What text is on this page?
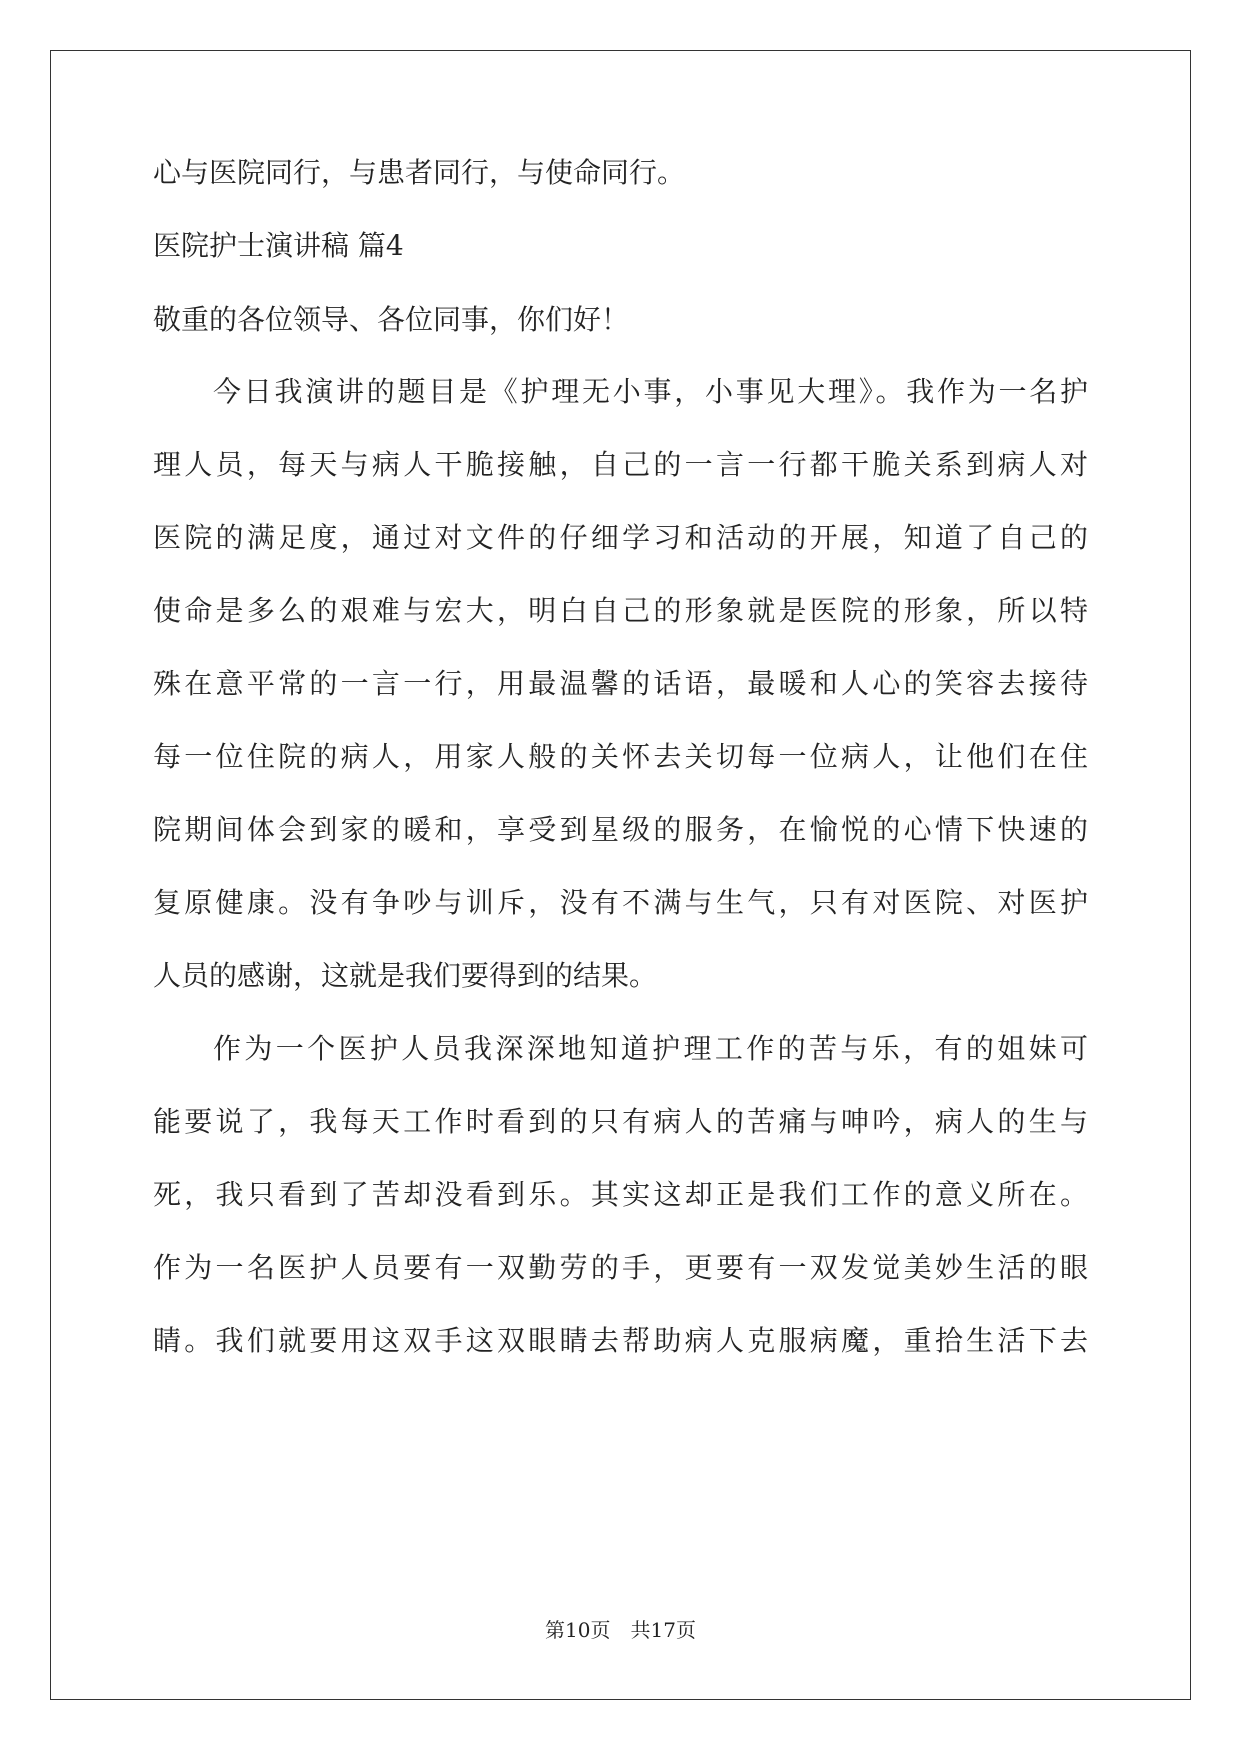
心与医院同行，与患者同行，与使命同行。
医院护士演讲稿 篇4
敬重的各位领导、各位同事，你们好！
今日我演讲的题目是《护理无小事，小事见大理》。我作为一名护
理人员，每天与病人干脆接触，自己的一言一行都干脆关系到病人对
医院的满足度，通过对文件的仔细学习和活动的开展，知道了自己的
使命是多么的艰难与宏大，明白自己的形象就是医院的形象，所以特
殊在意平常的一言一行，用最温馨的话语，最暖和人心的笑容去接待
每一位住院的病人，用家人般的关怀去关切每一位病人，让他们在住
院期间体会到家的暖和，享受到星级的服务，在愉悦的心情下快速的
复原健康。没有争吵与训斥，没有不满与生气，只有对医院、对医护
人员的感谢，这就是我们要得到的结果。
作为一个医护人员我深深地知道护理工作的苦与乐，有的姐妹可
能要说了，我每天工作时看到的只有病人的苦痛与呻吟，病人的生与
死，我只看到了苦却没看到乐。其实这却正是我们工作的意义所在。
作为一名医护人员要有一双勤劳的手，更要有一双发觉美妙生活的眼
睛。我们就要用这双手这双眼睛去帮助病人克服病魔，重拾生活下去
第10页 共17页
